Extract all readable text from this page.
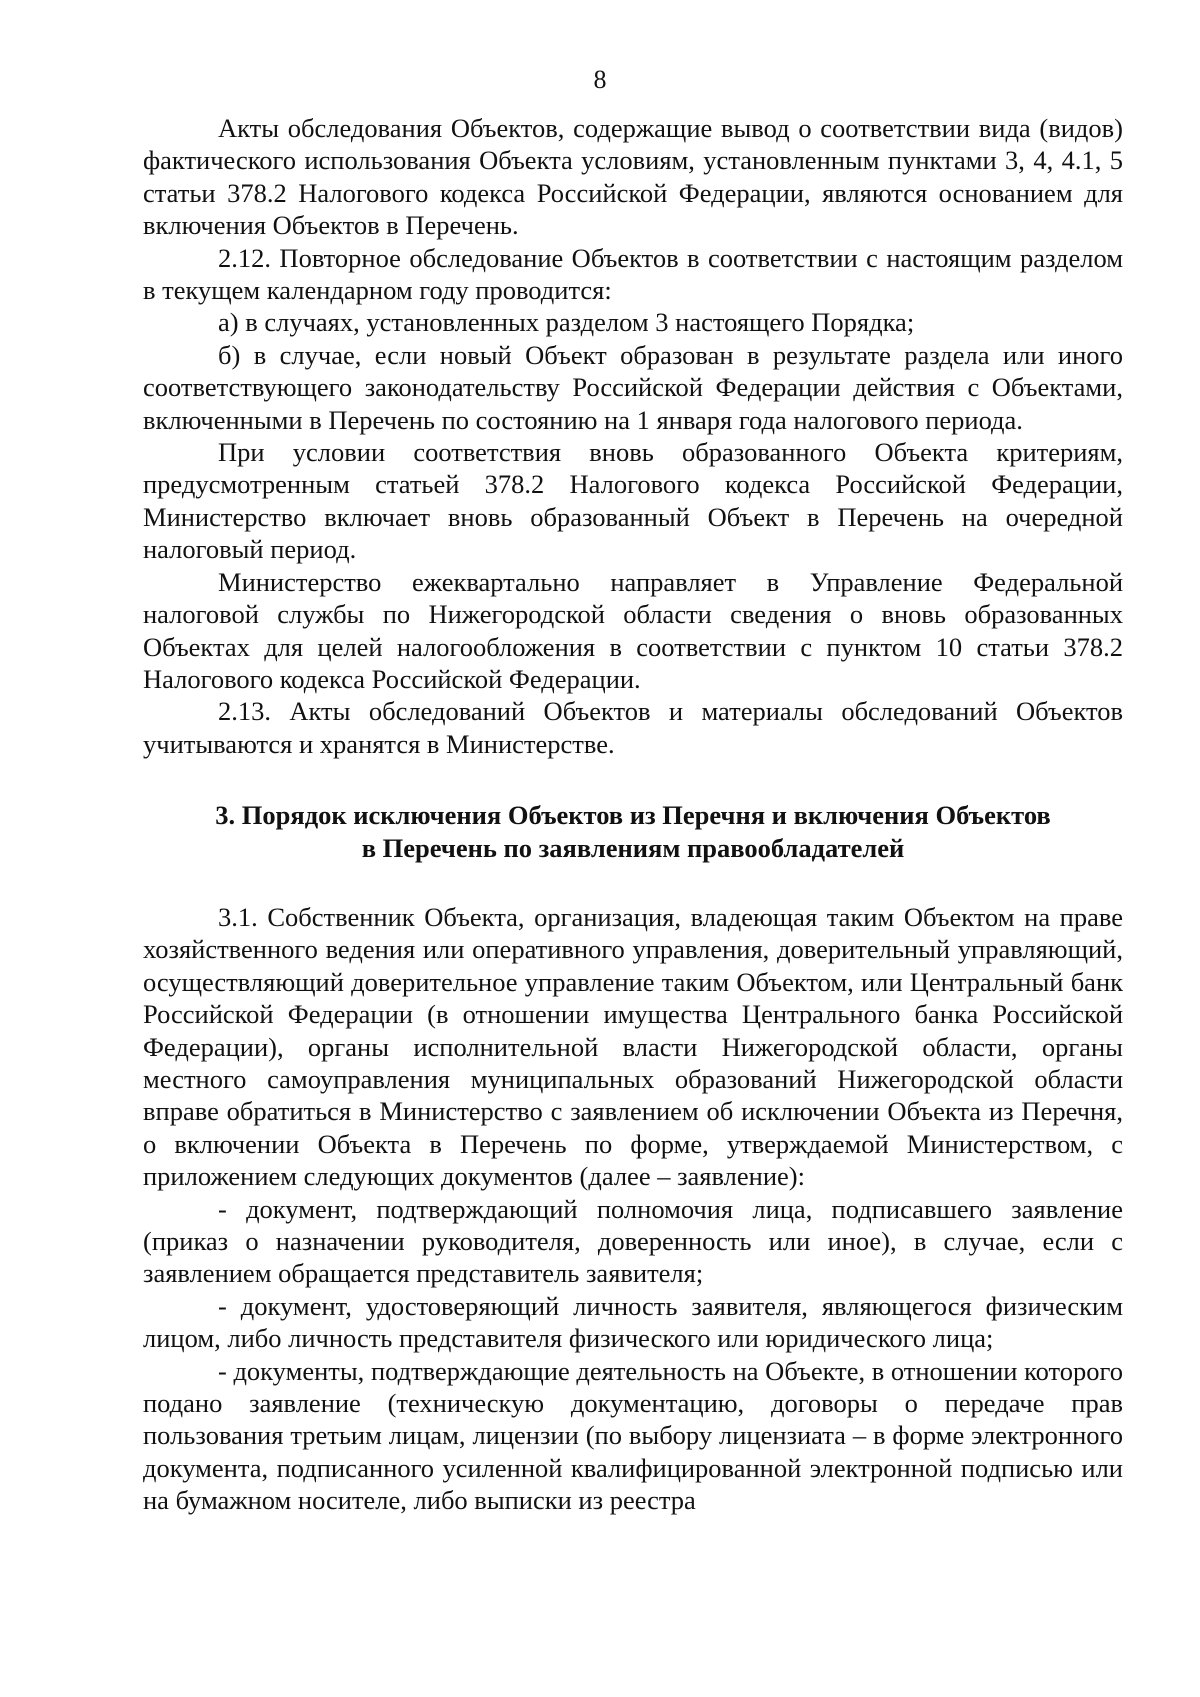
8

Акты обследования Объектов, содержащие вывод о соответствии вида (видов) фактического использования Объекта условиям, установленным пунктами 3, 4, 4.1, 5 статьи 378.2 Налогового кодекса Российской Федерации, являются основанием для включения Объектов в Перечень.

2.12. Повторное обследование Объектов в соответствии с настоящим разделом в текущем календарном году проводится:

а) в случаях, установленных разделом 3 настоящего Порядка;

б) в случае, если новый Объект образован в результате раздела или иного соответствующего законодательству Российской Федерации действия с Объектами, включенными в Перечень по состоянию на 1 января года налогового периода.

При условии соответствия вновь образованного Объекта критериям, предусмотренным статьей 378.2 Налогового кодекса Российской Федерации, Министерство включает вновь образованный Объект в Перечень на очередной налоговый период.

Министерство ежеквартально направляет в Управление Федеральной налоговой службы по Нижегородской области сведения о вновь образованных Объектах для целей налогообложения в соответствии с пунктом 10 статьи 378.2 Налогового кодекса Российской Федерации.

2.13. Акты обследований Объектов и материалы обследований Объектов учитываются и хранятся в Министерстве.

3. Порядок исключения Объектов из Перечня и включения Объектов
в Перечень по заявлениям правообладателей

3.1. Собственник Объекта, организация, владеющая таким Объектом на праве хозяйственного ведения или оперативного управления, доверительный управляющий, осуществляющий доверительное управление таким Объектом, или Центральный банк Российской Федерации (в отношении имущества Центрального банка Российской Федерации), органы исполнительной власти Нижегородской области, органы местного самоуправления муниципальных образований Нижегородской области вправе обратиться в Министерство с заявлением об исключении Объекта из Перечня, о включении Объекта в Перечень по форме, утверждаемой Министерством, с приложением следующих документов (далее – заявление):

- документ, подтверждающий полномочия лица, подписавшего заявление (приказ о назначении руководителя, доверенность или иное), в случае, если с заявлением обращается представитель заявителя;

- документ, удостоверяющий личность заявителя, являющегося физическим лицом, либо личность представителя физического или юридического лица;

- документы, подтверждающие деятельность на Объекте, в отношении которого подано заявление (техническую документацию, договоры о передаче прав пользования третьим лицам, лицензии (по выбору лицензиата – в форме электронного документа, подписанного усиленной квалифицированной электронной подписью или на бумажном носителе, либо выписки из реестра
